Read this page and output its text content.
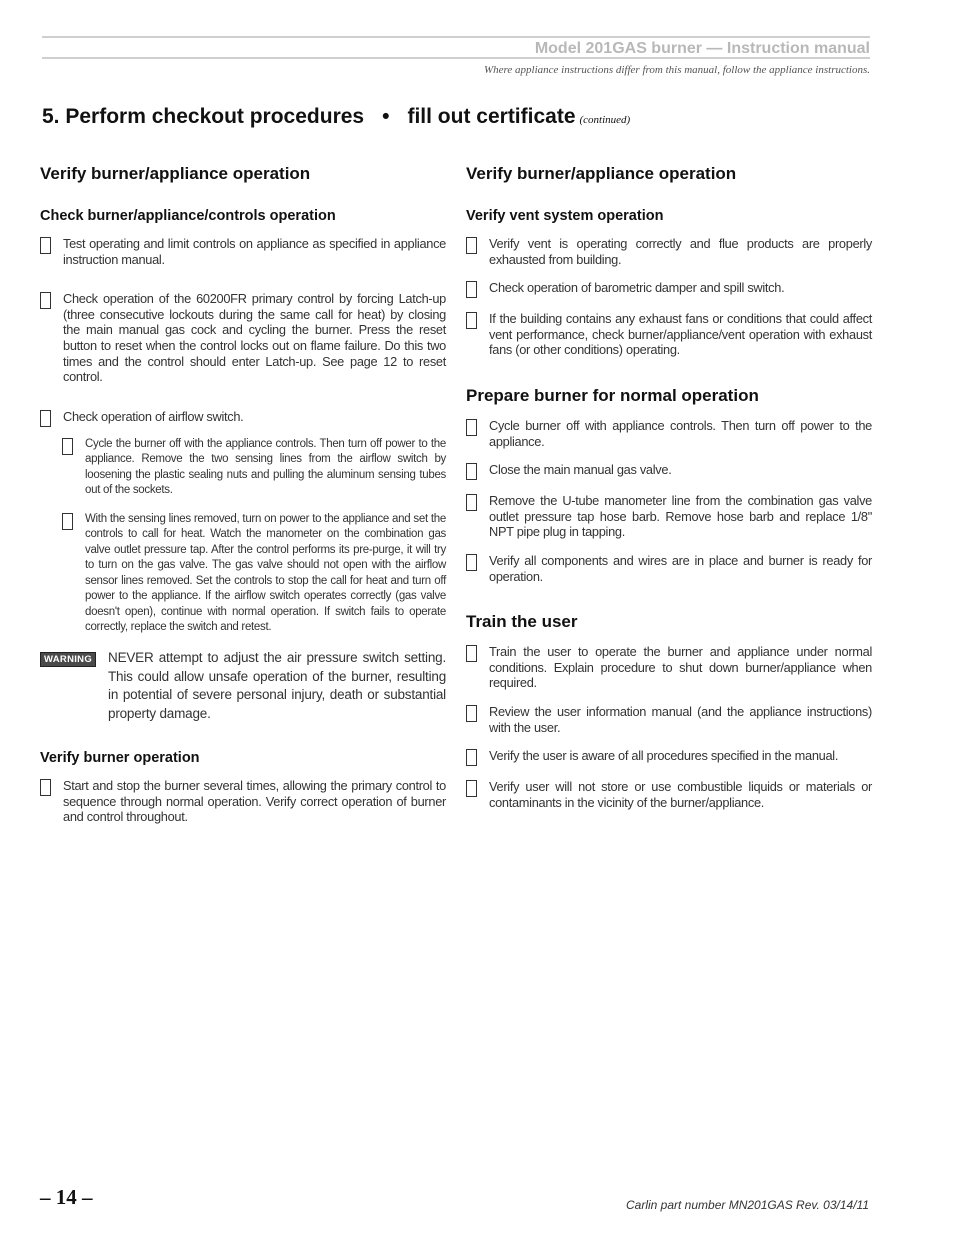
Model 201GAS burner — Instruction manual
Where appliance instructions differ from this manual, follow the appliance instructions.
5. Perform checkout procedures • fill out certificate (continued)
Verify burner/appliance operation
Check burner/appliance/controls operation
Test operating and limit controls on appliance as specified in appliance instruction manual.
Check operation of the 60200FR primary control by forcing Latch-up (three consecutive lockouts during the same call for heat) by closing the main manual gas cock and cycling the burner. Press the reset button to reset when the control locks out on flame failure. Do this two times and the control should enter Latch-up. See page 12 to reset control.
Check operation of airflow switch.
Cycle the burner off with the appliance controls. Then turn off power to the appliance. Remove the two sensing lines from the airflow switch by loosening the plastic sealing nuts and pulling the aluminum sensing tubes out of the sockets.
With the sensing lines removed, turn on power to the appliance and set the controls to call for heat. Watch the manometer on the combination gas valve outlet pressure tap. After the control performs its pre-purge, it will try to turn on the gas valve. The gas valve should not open with the airflow sensor lines removed. Set the controls to stop the call for heat and turn off power to the appliance. If the airflow switch operates correctly (gas valve doesn't open), continue with normal operation. If switch fails to operate correctly, replace the switch and retest.
WARNING NEVER attempt to adjust the air pressure switch setting. This could allow unsafe operation of the burner, resulting in potential of severe personal injury, death or substantial property damage.
Verify burner operation
Start and stop the burner several times, allowing the primary control to sequence through normal operation. Verify correct operation of burner and control throughout.
Verify burner/appliance operation
Verify vent system operation
Verify vent is operating correctly and flue products are properly exhausted from building.
Check operation of barometric damper and spill switch.
If the building contains any exhaust fans or conditions that could affect vent performance, check burner/appliance/vent operation with exhaust fans (or other conditions) operating.
Prepare burner for normal operation
Cycle burner off with appliance controls. Then turn off power to the appliance.
Close the main manual gas valve.
Remove the U-tube manometer line from the combination gas valve outlet pressure tap hose barb. Remove hose barb and replace 1/8" NPT pipe plug in tapping.
Verify all components and wires are in place and burner is ready for operation.
Train the user
Train the user to operate the burner and appliance under normal conditions. Explain procedure to shut down burner/appliance when required.
Review the user information manual (and the appliance instructions) with the user.
Verify the user is aware of all procedures specified in the manual.
Verify user will not store or use combustible liquids or materials or contaminants in the vicinity of the burner/appliance.
– 14 –	Carlin part number MN201GAS Rev. 03/14/11
